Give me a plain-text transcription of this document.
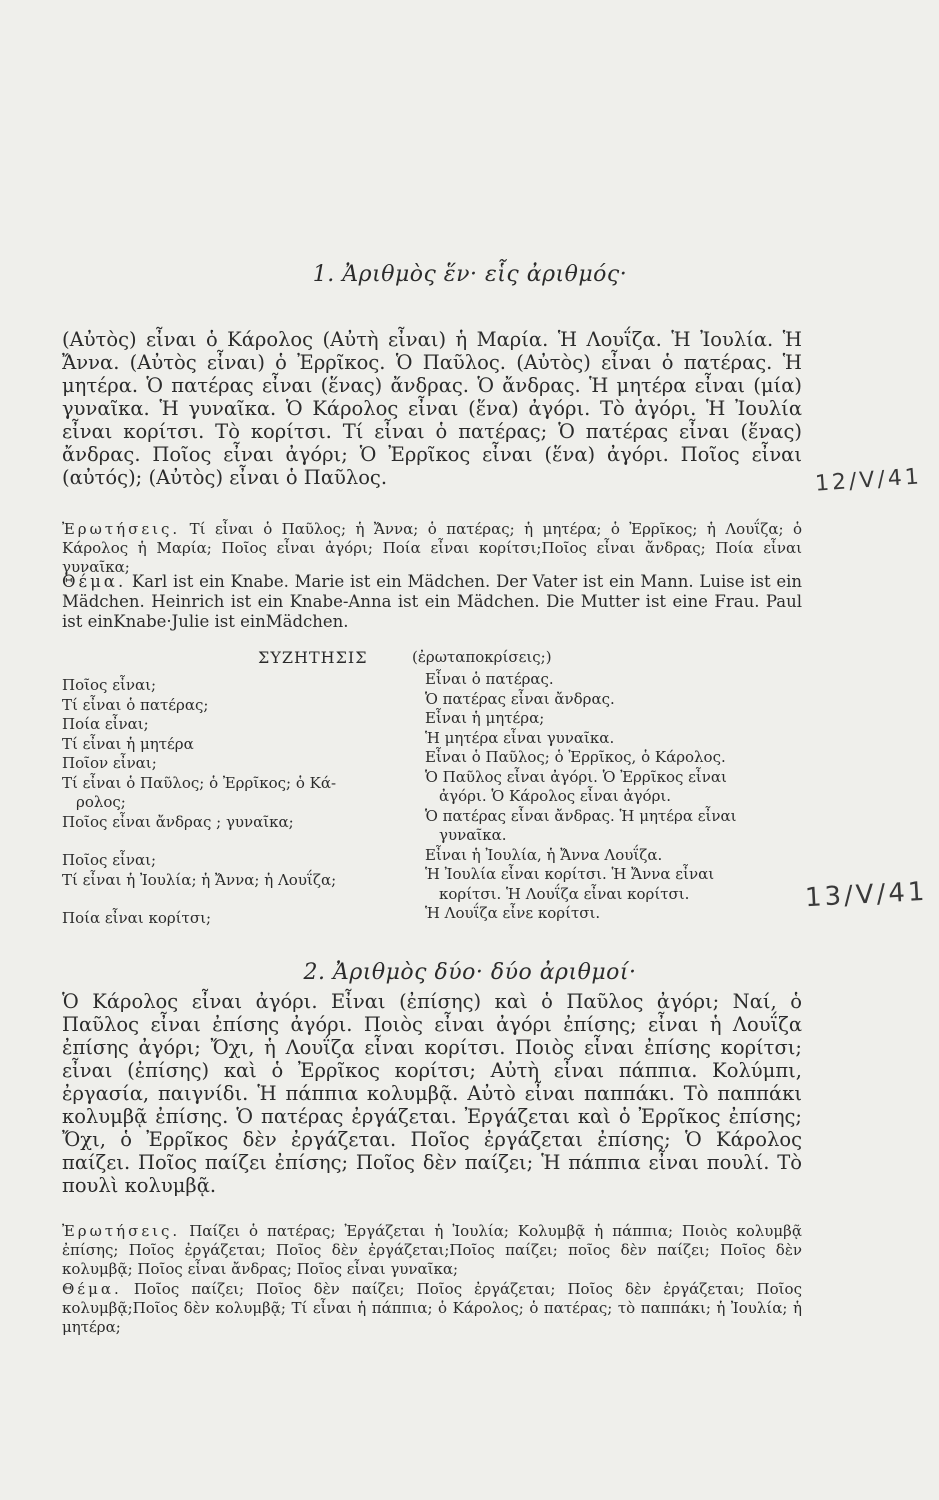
1. Ἀριθμὸς ἕν· εἷς ἀριθμός·

(Αὐτὸς) εἶναι ὁ Κάρολος (Αὐτὴ εἶναι) ἡ Μαρία. Ἡ Λουΐζα. Ἡ Ἰουλία. Ἡ Ἄννα. (Αὐτὸς εἶναι) ὁ Ἐρρῖκος. Ὁ Παῦλος. (Αὐτὸς) εἶναι ὁ πατέρας. Ἡ μητέρα. Ὁ πατέρας εἶναι (ἕνας) ἄνδρας. Ὁ ἄνδρας. Ἡ μητέρα εἶναι (μία) γυναῖκα. Ἡ γυναῖκα. Ὁ Κάρολος εἶναι (ἕνα) ἀγόρι. Τὸ ἀγόρι. Ἡ Ἰουλία εἶναι κορίτσι. Τὸ κορίτσι. Τί εἶναι ὁ πατέρας; Ὁ πατέρας εἶναι (ἕνας) ἄνδρας. Ποῖος εἶναι ἀγόρι; Ὁ Ἐρρῖκος εἶναι (ἕνα) ἀγόρι. Ποῖος εἶναι (αὐτός); (Αὐτὸς) εἶναι ὁ Παῦλος.

Ἐρωτήσεις. Τί εἶναι ὁ Παῦλος; ἡ Ἄννα; ὁ πατέρας; ἡ μητέρα; ὁ Ἐρρῖκος; ἡ Λουΐζα; ὁ Κάρολος ἡ Μαρία; Ποῖος εἶναι ἀγόρι; Ποία εἶναι κορίτσι;Ποῖος εἶναι ἄνδρας; Ποία εἶναι γυναῖκα;

Θέμα. Karl ist ein Knabe. Marie ist ein Mädchen. Der Vater ist ein Mann. Luise ist ein Mädchen. Heinrich ist ein Knabe-Anna ist ein Mädchen. Die Mutter ist eine Frau. Paul ist einKnabe·Julie ist einMädchen.

ΣΥΖΗΤΗΣΙΣ	(ἐρωταποκρίσεις;)
Ποῖος εἶναι;
Τί εἶναι ὁ πατέρας;
Ποία εἶναι;
Τί εἶναι ἡ μητέρα
Ποῖον εἶναι;
Τί εἶναι ὁ Παῦλος; ὁ Ἐρρῖκος; ὁ Κά-
ρολος;
Ποῖος εἶναι ἄνδρας ; γυναῖκα;
Ποῖος εἶναι;
Τί εἶναι ἡ Ἰουλία; ἡ Ἄννα; ἡ Λουΐζα;
Ποία εἶναι κορίτσι;
Εἶναι ὁ πατέρας.
Ὁ πατέρας εἶναι ἄνδρας.
Εἶναι ἡ μητέρα;
Ἡ μητέρα εἶναι γυναῖκα.
Εἶναι ὁ Παῦλος; ὁ Ἐρρῖκος, ὁ Κάρολος.
Ὁ Παῦλος εἶναι ἀγόρι. Ὁ Ἐρρῖκος εἶναι
ἀγόρι. Ὁ Κάρολος εἶναι ἀγόρι.
Ὁ πατέρας εἶναι ἄνδρας. Ἡ μητέρα εἶναι
γυναῖκα.
Εἶναι ἡ Ἰουλία, ἡ Ἄννα Λουΐζα.
Ἡ Ἰουλία εἶναι κορίτσι. Ἡ Ἄννα εἶναι
κορίτσι. Ἡ Λουΐζα εἶναι κορίτσι.
Ἡ Λουΐζα εἶνε κορίτσι.
2. Ἀριθμὸς δύο· δύο ἀριθμοί·

Ὁ Κάρολος εἶναι ἀγόρι. Εἶναι (ἐπίσης) καὶ ὁ Παῦλος ἀγόρι; Ναί, ὁ Παῦλος εἶναι ἐπίσης ἀγόρι. Ποιὸς εἶναι ἀγόρι ἐπίσης; εἶναι ἡ Λουΐζα ἐπίσης ἀγόρι; Ὄχι, ἡ Λουΐζα εἶναι κορίτσι. Ποιὸς εἶναι ἐπίσης κορίτσι; εἶναι (ἐπίσης) καὶ ὁ Ἐρρῖκος κορίτσι; Αὐτὴ εἶναι πάππια. Κολύμπι, ἐργασία, παιγνίδι. Ἡ πάππια κολυμβᾷ. Αὐτὸ εἶναι παππάκι. Τὸ παππάκι κολυμβᾷ ἐπίσης. Ὁ πατέρας ἐργάζεται. Ἐργάζεται καὶ ὁ Ἐρρῖκος ἐπίσης; Ὄχι, ὁ Ἐρρῖκος δὲν ἐργάζεται. Ποῖος ἐργάζεται ἐπίσης; Ὁ Κάρολος παίζει. Ποῖος παίζει ἐπίσης; Ποῖος δὲν παίζει; Ἡ πάππια εἶναι πουλί. Τὸ πουλὶ κολυμβᾷ.

Ἐρωτήσεις. Παίζει ὁ πατέρας; Ἐργάζεται ἡ Ἰουλία; Κολυμβᾷ ἡ πάππια; Ποιὸς κολυμβᾷ ἐπίσης; Ποῖος ἐργάζεται; Ποῖος δὲν ἐργάζεται;Ποῖος παίζει; ποῖος δὲν παίζει; Ποῖος δὲν κολυμβᾷ; Ποῖος εἶναι ἄνδρας; Ποῖος εἶναι γυναῖκα;

Θέμα. Ποῖος παίζει; Ποῖος δὲν παίζει; Ποῖος ἐργάζεται; Ποῖος δὲν ἐργάζεται; Ποῖος κολυμβᾷ;Ποῖος δὲν κολυμβᾷ; Τί εἶναι ἡ πάππια; ὁ Κάρολος; ὁ πατέρας; τὸ παππάκι; ἡ Ἰουλία; ἡ μητέρα;

12/V/41
13/V/41
